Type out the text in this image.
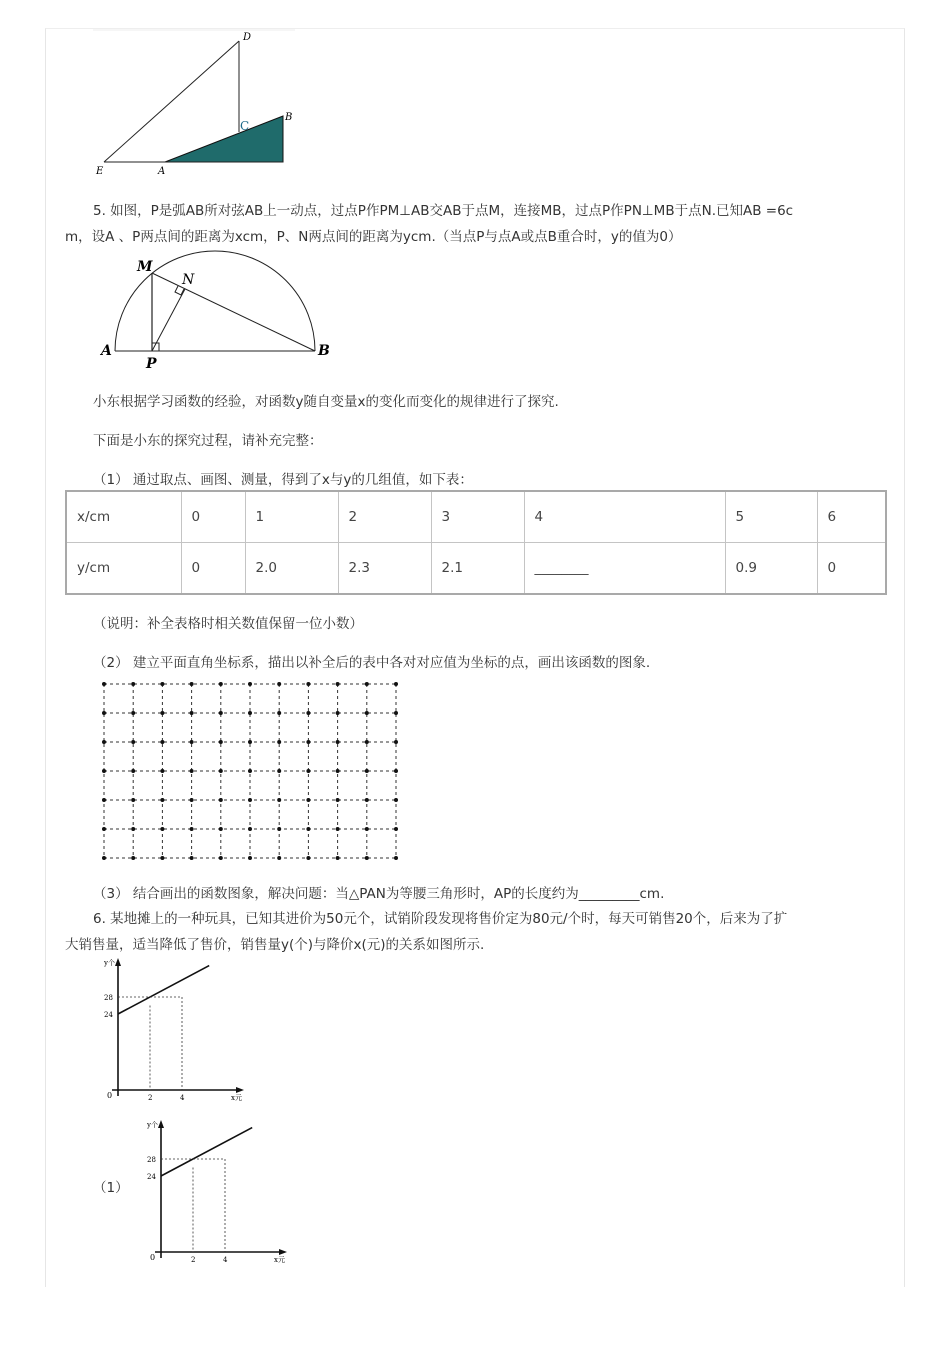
D
C
B
E	A
5. 如图，P是弧AB所对弦AB上一动点，过点P作PM⊥AB交AB于点M，连接MB，过点P作PN⊥MB于点N.已知AB =6c
m，设A 、P两点间的距离为xcm，P、N两点间的距离为ycm.（当点P与点A或点B重合时，y的值为0）
M
N
A
P
B
小东根据学习函数的经验，对函数y随自变量x的变化而变化的规律进行了探究.
下面是小东的探究过程，请补充完整：
（1） 通过取点、画图、测量，得到了x与y的几组值，如下表：
x/cm	0	1	2	3	4	5	6
y/cm	0	2.0	2.3	2.1	________	0.9	0
（说明：补全表格时相关数值保留一位小数）
（2） 建立平面直角坐标系，描出以补全后的表中各对对应值为坐标的点，画出该函数的图象.
（3） 结合画出的函数图象，解决问题：当△PAN为等腰三角形时，AP的长度约为_________cm.
6. 某地摊上的一种玩具，已知其进价为50元个，试销阶段发现将售价定为80元/个时，每天可销售20个，后来为了扩
大销售量，适当降低了售价，销售量y(个)与降价x(元)的关系如图所示.
y个
28
24
0	2	4	x元
（1）
y个
28
24
0	2	4	x元
